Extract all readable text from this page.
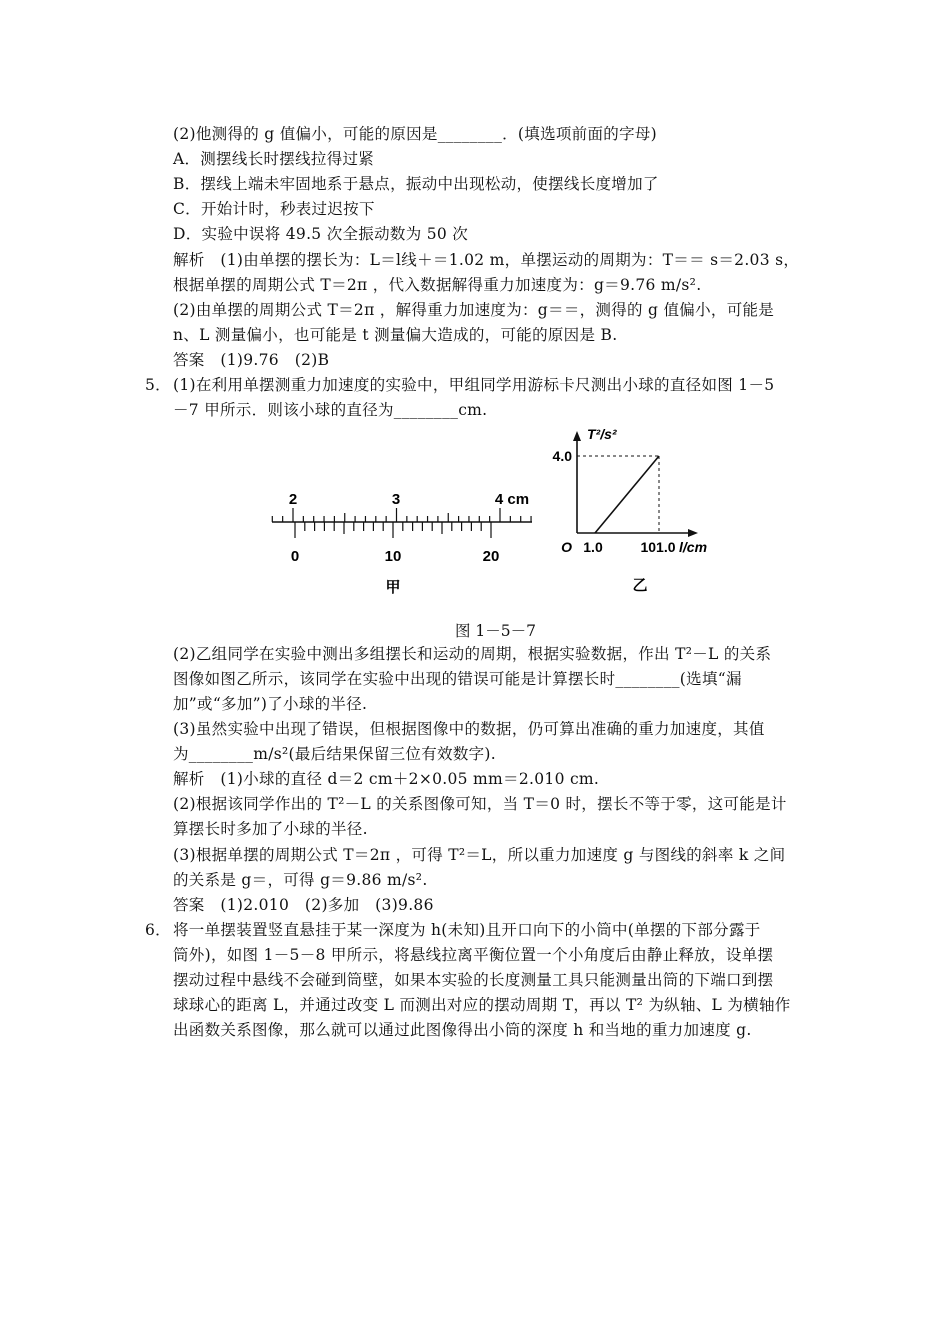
(2)他测得的 g 值偏小，可能的原因是________．(填选项前面的字母)
A．测摆线长时摆线拉得过紧
B．摆线上端未牢固地系于悬点，振动中出现松动，使摆线长度增加了
C．开始计时，秒表过迟按下
D．实验中误将 49.5 次全振动数为 50 次
解析　(1)由单摆的摆长为：L＝l线＋＝1.02 m，单摆运动的周期为：T＝＝ s＝2.03 s，
根据单摆的周期公式 T＝2π ，代入数据解得重力加速度为：g＝9.76 m/s².
(2)由单摆的周期公式 T＝2π ，解得重力加速度为：g＝＝，测得的 g 值偏小，可能是
n、L 测量偏小，也可能是 t 测量偏大造成的，可能的原因是 B.
答案　(1)9.76　(2)B
5． (1)在利用单摆测重力加速度的实验中，甲组同学用游标卡尺测出小球的直径如图 1－5
－7 甲所示．则该小球的直径为________cm.
2	3	4 cm
0	10	20
甲
T²/s²
4.0
O 1.0	101.0 l/cm
乙
图 1－5－7
(2)乙组同学在实验中测出多组摆长和运动的周期，根据实验数据，作出 T²－L 的关系
图像如图乙所示，该同学在实验中出现的错误可能是计算摆长时________(选填“漏
加”或“多加”)了小球的半径.
(3)虽然实验中出现了错误，但根据图像中的数据，仍可算出准确的重力加速度，其值
为________m/s²(最后结果保留三位有效数字).
解析　(1)小球的直径 d＝2 cm＋2×0.05 mm＝2.010 cm.
(2)根据该同学作出的 T²－L 的关系图像可知，当 T＝0 时，摆长不等于零，这可能是计
算摆长时多加了小球的半径.
(3)根据单摆的周期公式 T＝2π ，可得 T²＝L，所以重力加速度 g 与图线的斜率 k 之间
的关系是 g＝，可得 g＝9.86 m/s².
答案　(1)2.010　(2)多加　(3)9.86
6． 将一单摆装置竖直悬挂于某一深度为 h(未知)且开口向下的小筒中(单摆的下部分露于
筒外)，如图 1－5－8 甲所示，将悬线拉离平衡位置一个小角度后由静止释放，设单摆
摆动过程中悬线不会碰到筒壁，如果本实验的长度测量工具只能测量出筒的下端口到摆
球球心的距离 L，并通过改变 L 而测出对应的摆动周期 T，再以 T² 为纵轴、L 为横轴作
出函数关系图像，那么就可以通过此图像得出小筒的深度 h 和当地的重力加速度 g.
